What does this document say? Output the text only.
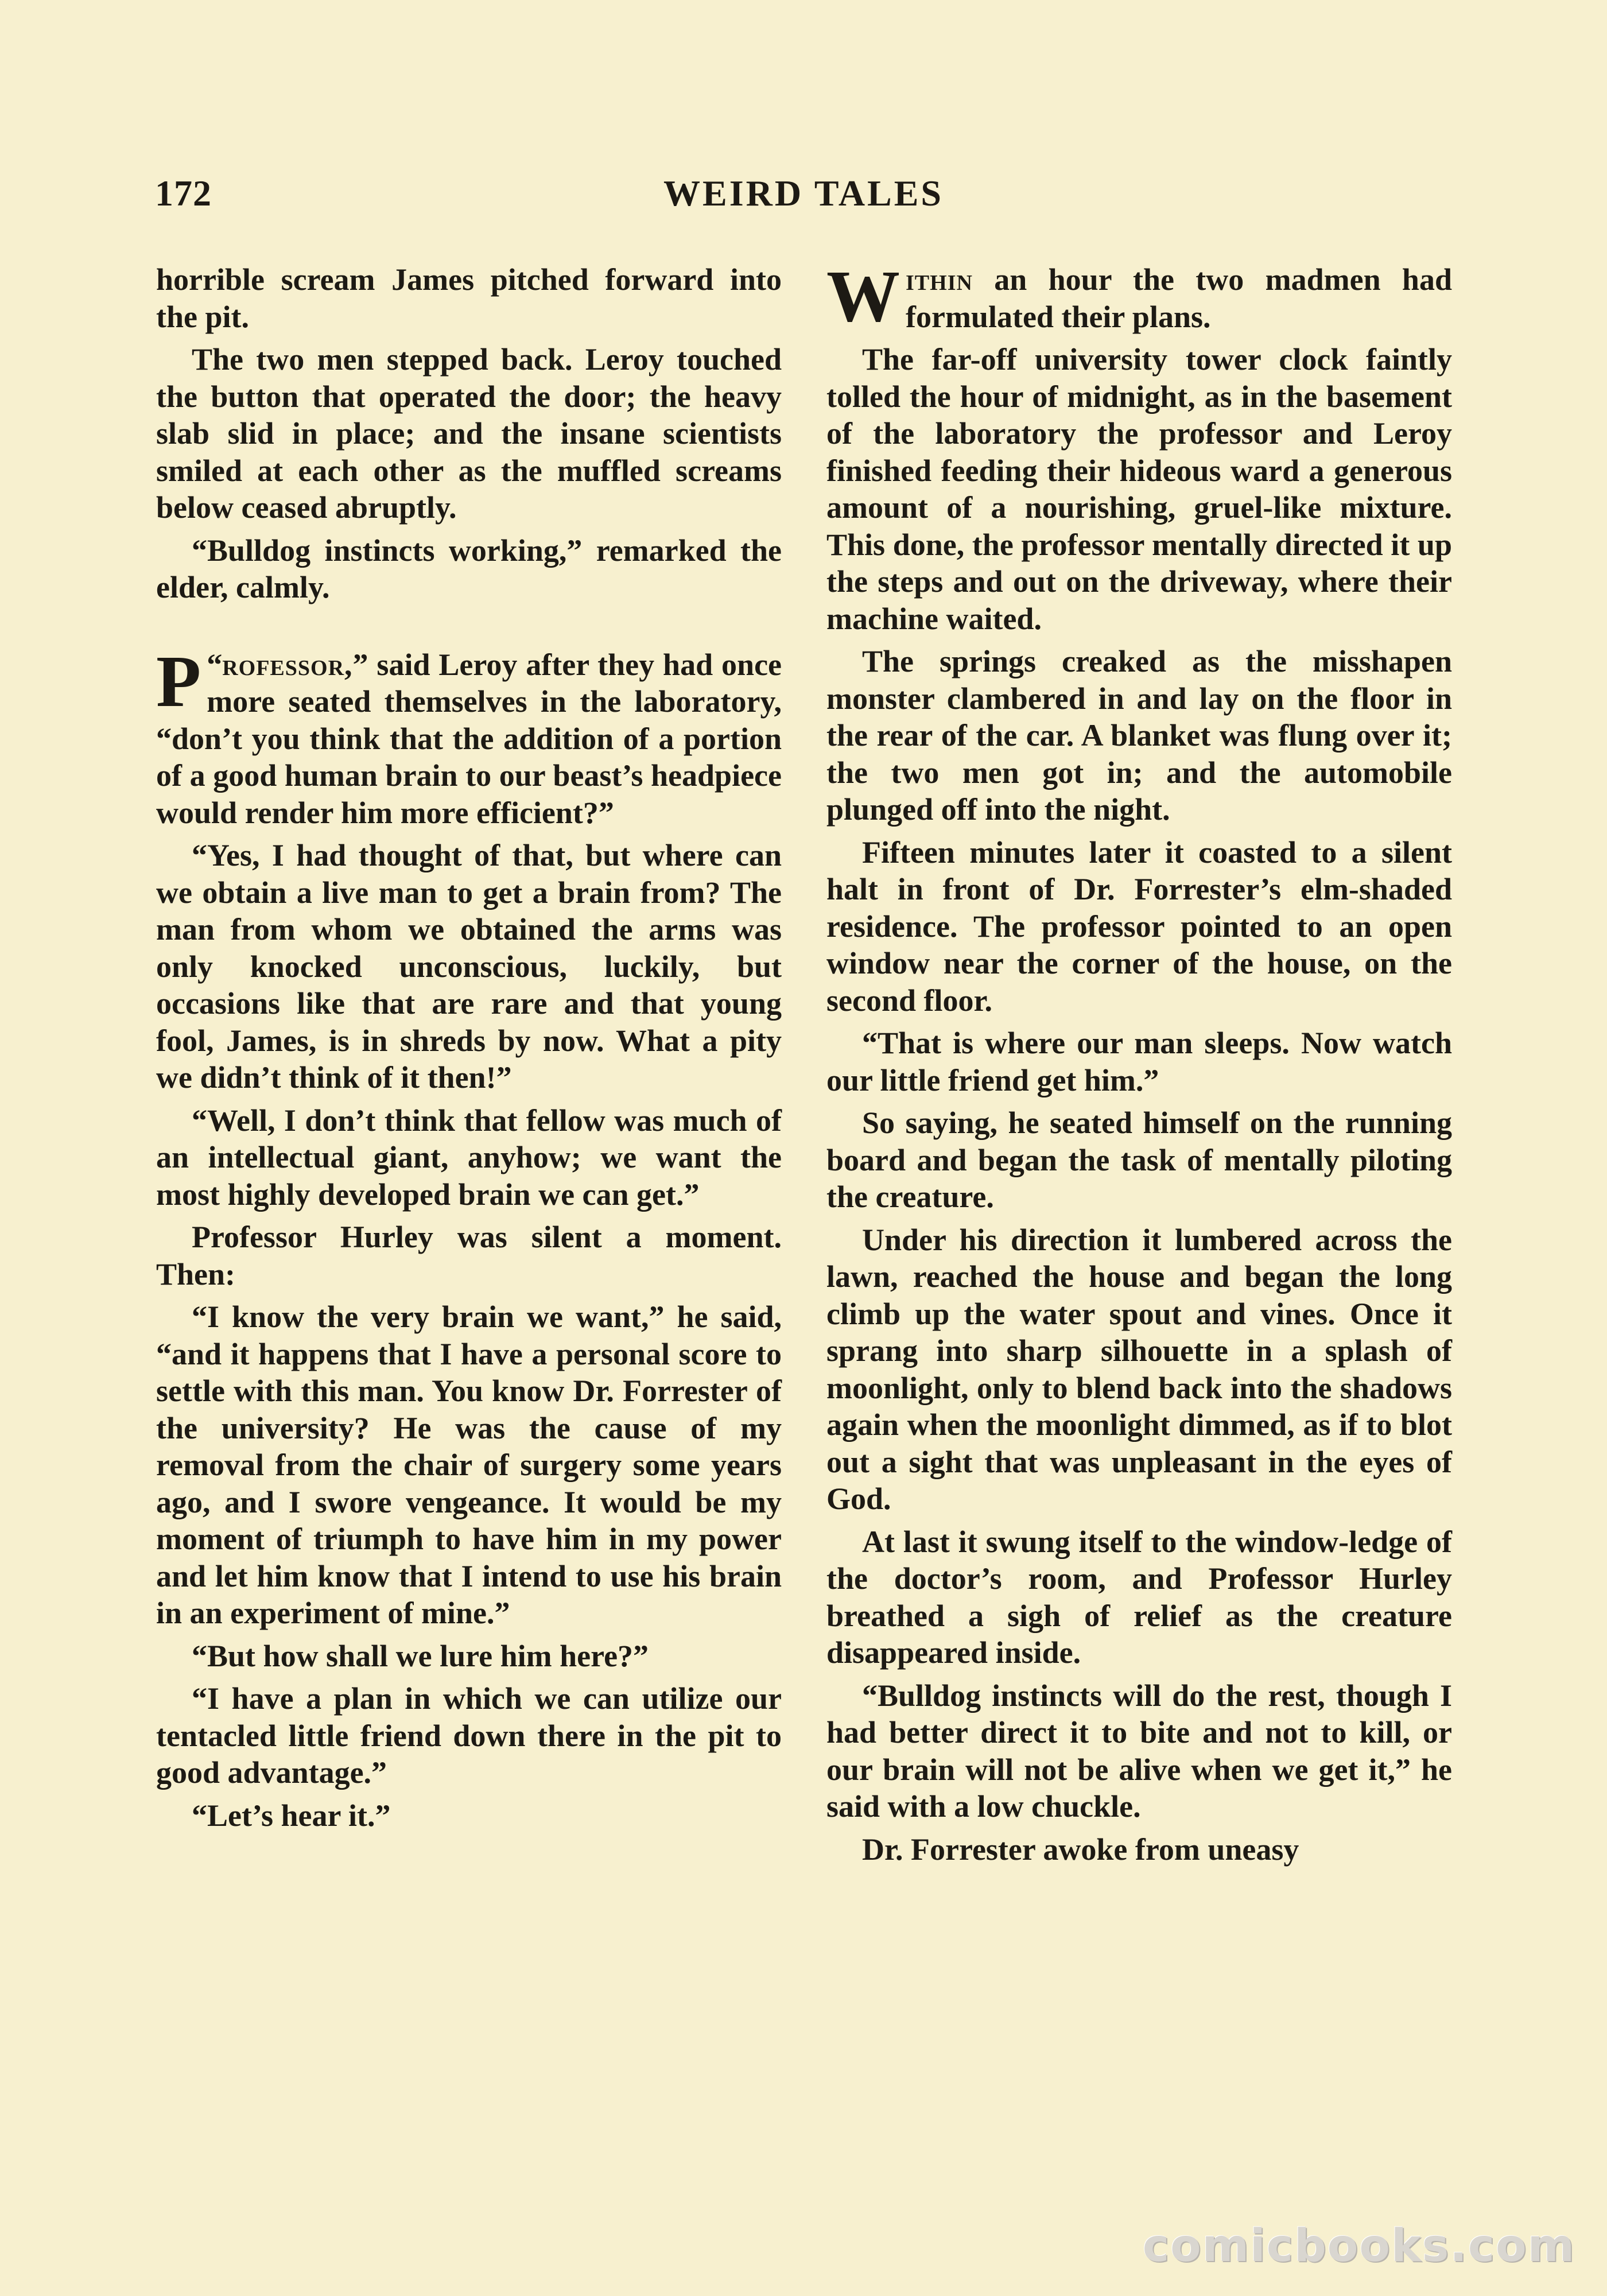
172	WEIRD TALES

horrible scream James pitched forward into the pit.

The two men stepped back. Leroy touched the button that operated the door; the heavy slab slid in place; and the insane scientists smiled at each other as the muffled screams below ceased abruptly.

“Bulldog instincts working,” remarked the elder, calmly.

“
P rofessor,” said Leroy after they had once more seated themselves in the laboratory, “don’t you think that the addition of a portion of a good human brain to our beast’s headpiece would render him more efficient?”

“Yes, I had thought of that, but where can we obtain a live man to get a brain from? The man from whom we obtained the arms was only knocked unconscious, luckily, but occasions like that are rare and that young fool, James, is in shreds by now. What a pity we didn’t think of it then!”

“Well, I don’t think that fellow was much of an intellectual giant, anyhow; we want the most highly developed brain we can get.”

Professor Hurley was silent a moment. Then:

“I know the very brain we want,” he said, “and it happens that I have a personal score to settle with this man. You know Dr. Forrester of the university? He was the cause of my removal from the chair of surgery some years ago, and I swore vengeance. It would be my moment of triumph to have him in my power and let him know that I intend to use his brain in an experiment of mine.”

“But how shall we lure him here?”

“I have a plan in which we can utilize our tentacled little friend down there in the pit to good advantage.”

“Let’s hear it.”

Within an hour the two madmen had formulated their plans.

The far-off university tower clock faintly tolled the hour of midnight, as in the basement of the laboratory the professor and Leroy finished feeding their hideous ward a generous amount of a nourishing, gruel-like mixture. This done, the professor mentally directed it up the steps and out on the driveway, where their machine waited.

The springs creaked as the misshapen monster clambered in and lay on the floor in the rear of the car. A blanket was flung over it; the two men got in; and the automobile plunged off into the night.

Fifteen minutes later it coasted to a silent halt in front of Dr. Forrester’s elm-shaded residence. The professor pointed to an open window near the corner of the house, on the second floor.

“That is where our man sleeps. Now watch our little friend get him.”

So saying, he seated himself on the running board and began the task of mentally piloting the creature.

Under his direction it lumbered across the lawn, reached the house and began the long climb up the water spout and vines. Once it sprang into sharp silhouette in a splash of moonlight, only to blend back into the shadows again when the moonlight dimmed, as if to blot out a sight that was unpleasant in the eyes of God.

At last it swung itself to the window-ledge of the doctor’s room, and Professor Hurley breathed a sigh of relief as the creature disappeared inside.

“Bulldog instincts will do the rest, though I had better direct it to bite and not to kill, or our brain will not be alive when we get it,” he said with a low chuckle.

Dr. Forrester awoke from uneasy

comicbooks.com
